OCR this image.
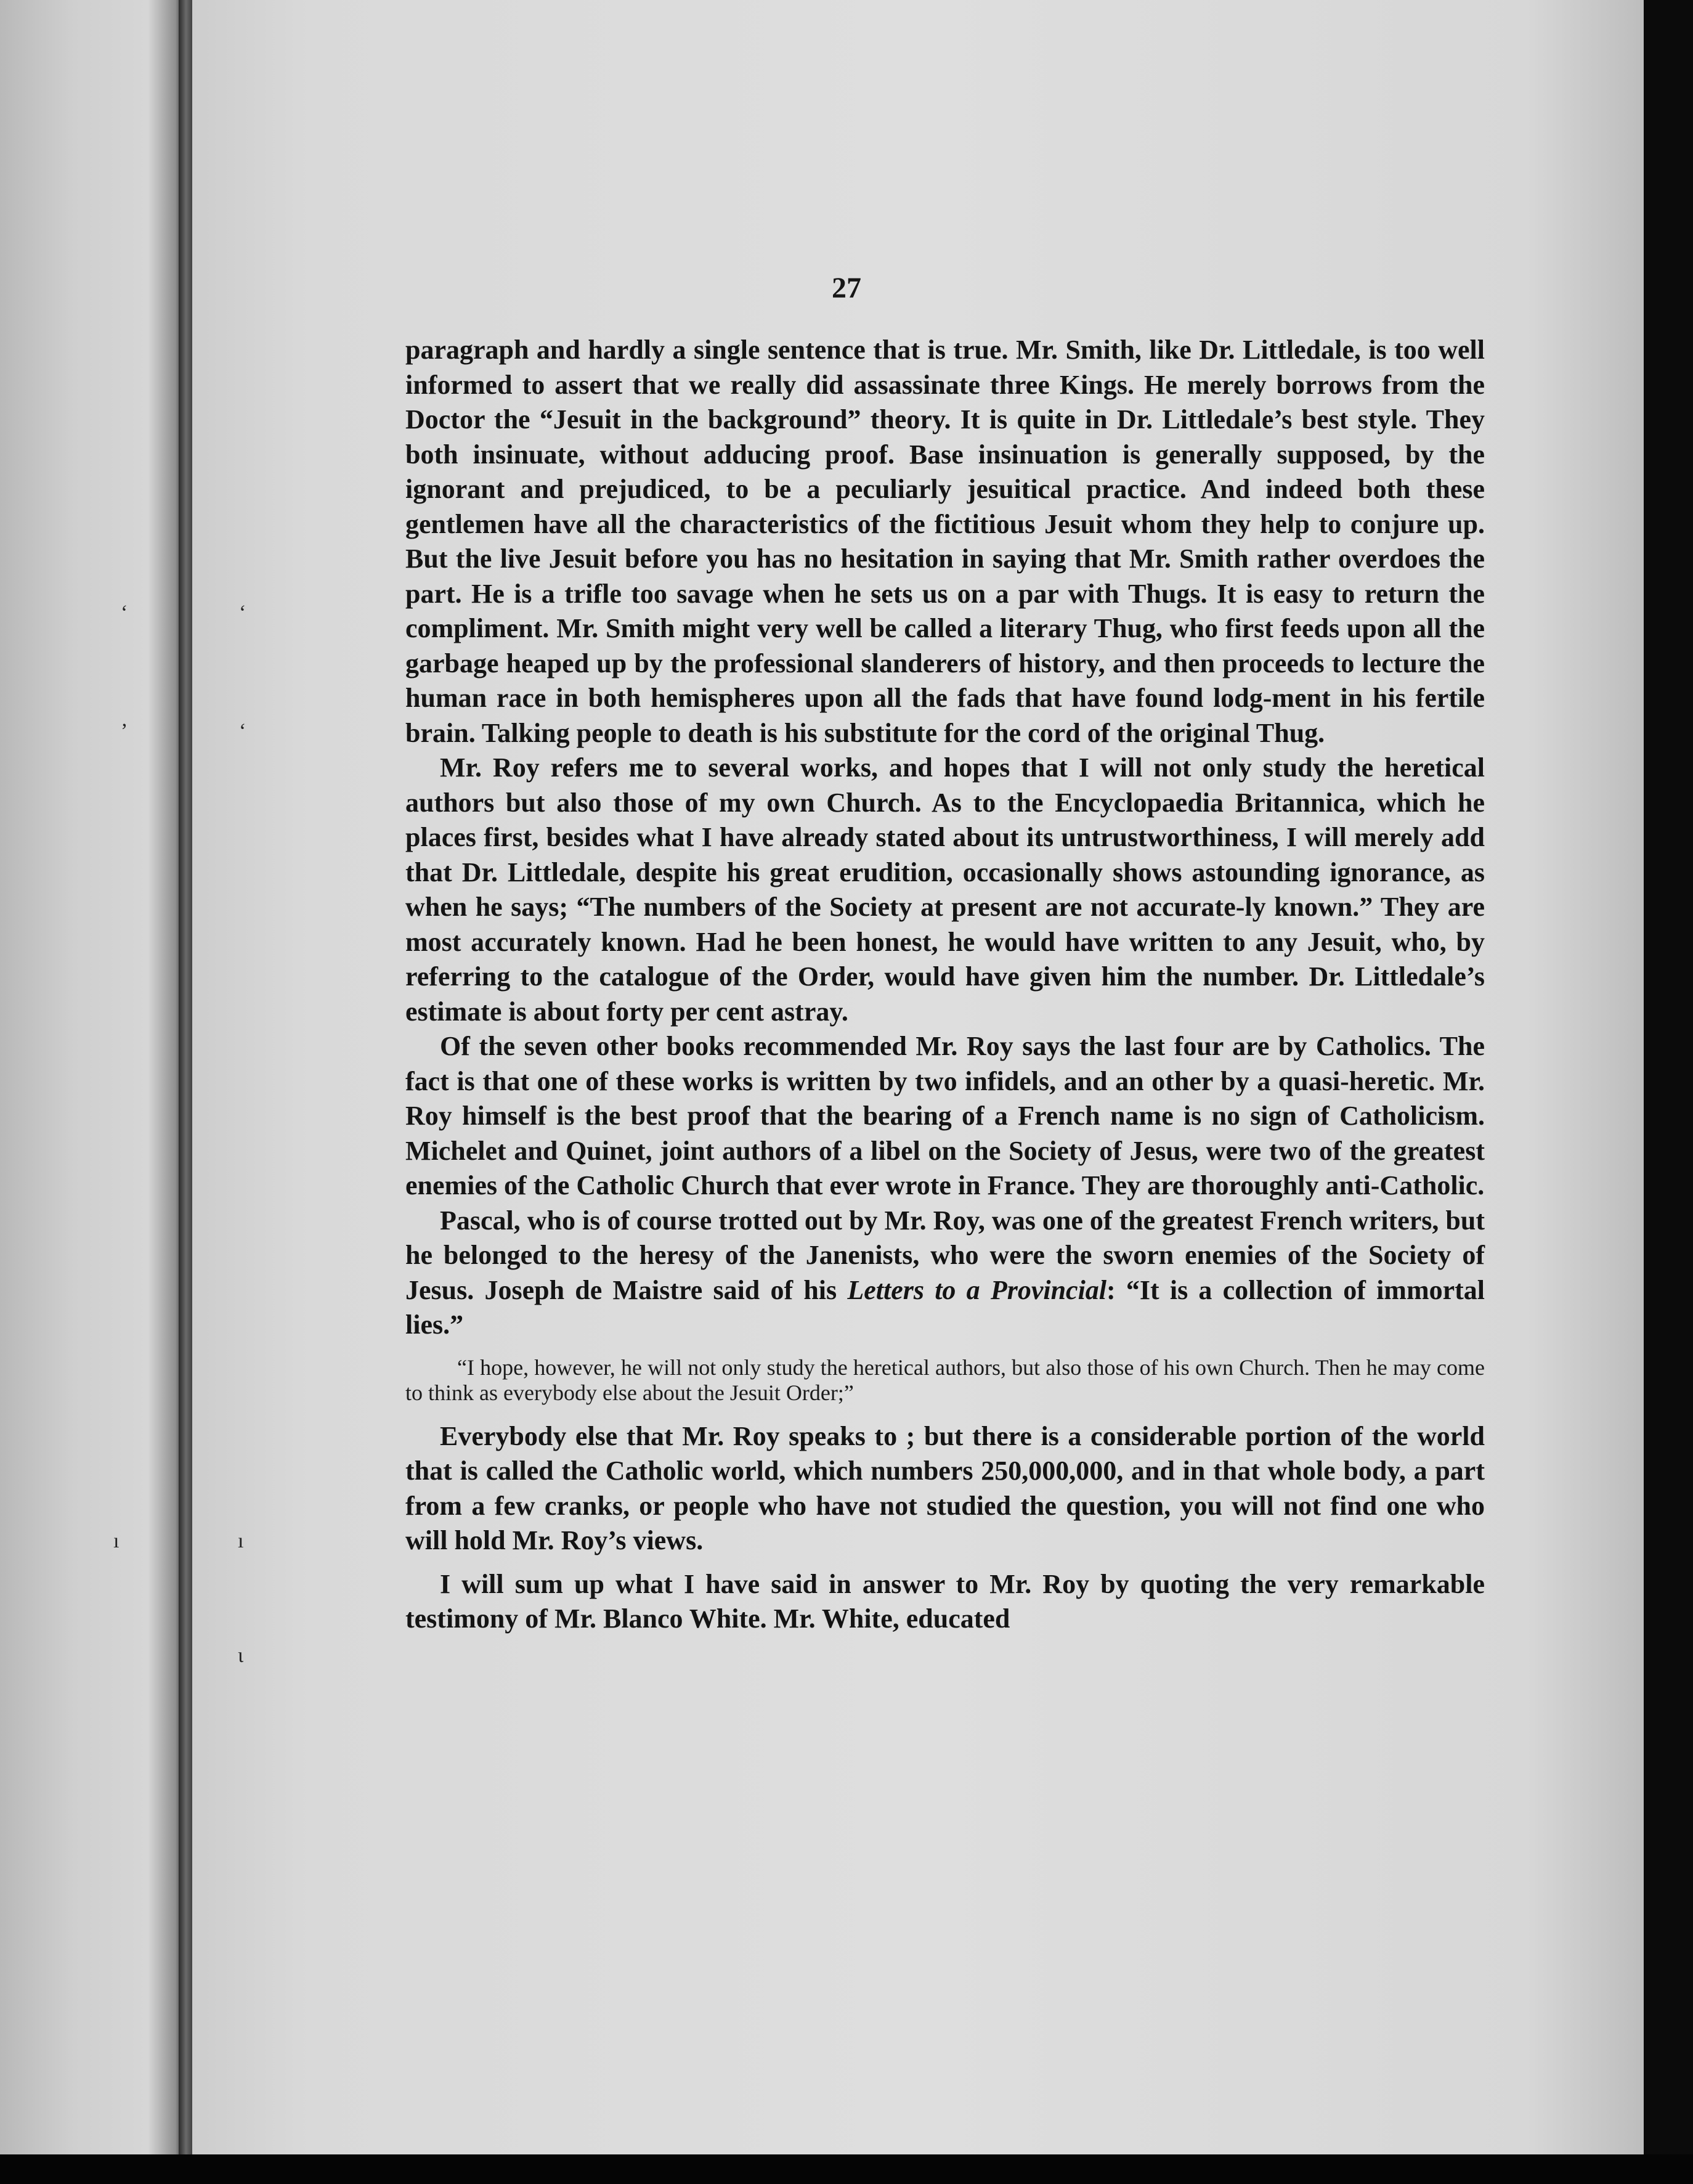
ʻ	ʻ
ʼ	ʻ
ı	ı
ɩ
27

paragraph and hardly a single sentence that is true. Mr. Smith, like Dr. Littledale, is too well informed to assert that we really did assassinate three Kings. He merely borrows from the Doctor the “Jesuit in the background” theory. It is quite in Dr. Littledale’s best style. They both insinuate, without adducing proof. Base insinuation is generally supposed, by the ignorant and prejudiced, to be a peculiarly jesuitical practice. And indeed both these gentlemen have all the characteristics of the fictitious Jesuit whom they help to conjure up. But the live Jesuit before you has no hesitation in saying that Mr. Smith rather overdoes the part. He is a trifle too savage when he sets us on a par with Thugs. It is easy to return the compliment. Mr. Smith might very well be called a literary Thug, who first feeds upon all the garbage heaped up by the professional slanderers of history, and then proceeds to lecture the human race in both hemispheres upon all the fads that have found lodg-ment in his fertile brain. Talking people to death is his substitute for the cord of the original Thug.

Mr. Roy refers me to several works, and hopes that I will not only study the heretical authors but also those of my own Church. As to the Encyclopaedia Britannica, which he places first, besides what I have already stated about its untrustworthiness, I will merely add that Dr. Littledale, despite his great erudition, occasionally shows astounding ignorance, as when he says; “The numbers of the Society at present are not accurate-ly known.” They are most accurately known. Had he been honest, he would have written to any Jesuit, who, by referring to the catalogue of the Order, would have given him the number. Dr. Littledale’s estimate is about forty per cent astray.

Of the seven other books recommended Mr. Roy says the last four are by Catholics. The fact is that one of these works is written by two infidels, and an other by a quasi-heretic. Mr. Roy himself is the best proof that the bearing of a French name is no sign of Catholicism. Michelet and Quinet, joint authors of a libel on the Society of Jesus, were two of the greatest enemies of the Catholic Church that ever wrote in France. They are thoroughly anti-Catholic.

Pascal, who is of course trotted out by Mr. Roy, was one of the greatest French writers, but he belonged to the heresy of the Janenists, who were the sworn enemies of the Society of Jesus. Joseph de Maistre said of his Letters to a Provincial: “It is a collection of immortal lies.”

“I hope, however, he will not only study the heretical authors, but also those of his own Church. Then he may come to think as everybody else about the Jesuit Order;”

Everybody else that Mr. Roy speaks to ; but there is a considerable portion of the world that is called the Catholic world, which numbers 250,000,000, and in that whole body, a part from a few cranks, or people who have not studied the question, you will not find one who will hold Mr. Roy’s views.

I will sum up what I have said in answer to Mr. Roy by quoting the very remarkable testimony of Mr. Blanco White. Mr. White, educated
